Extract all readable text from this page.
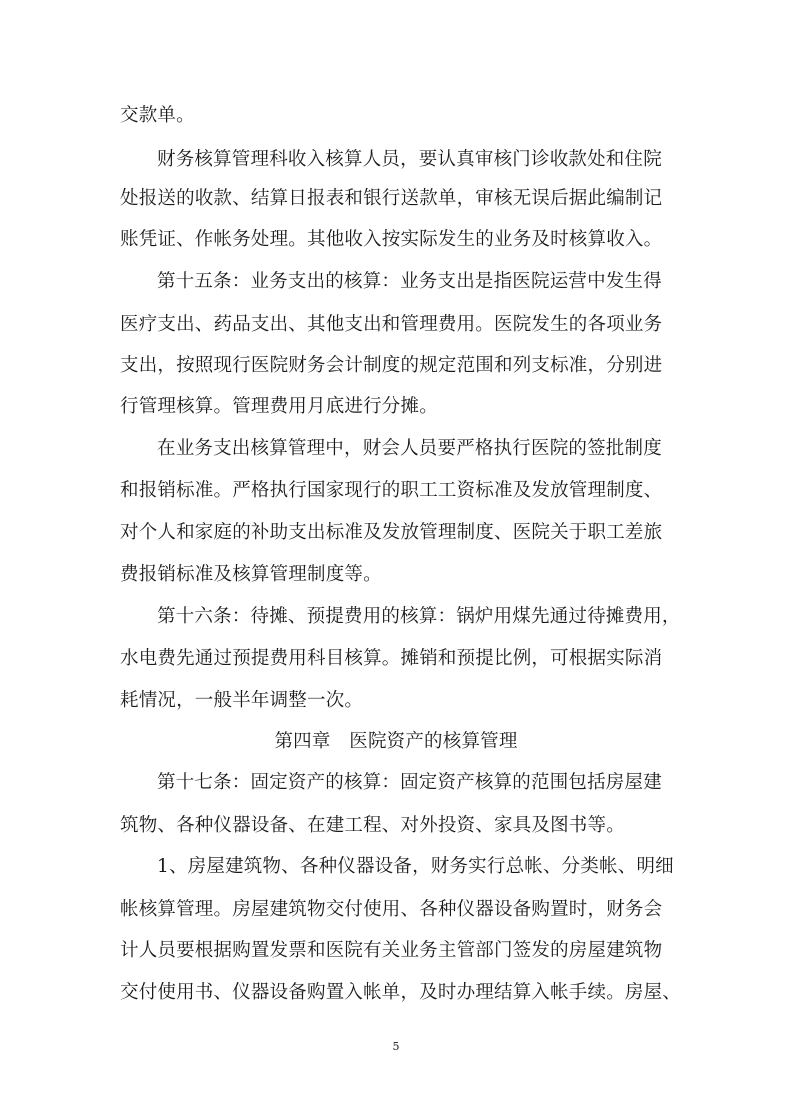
交款单。
财务核算管理科收入核算人员，要认真审核门诊收款处和住院
处报送的收款、结算日报表和银行送款单，审核无误后据此编制记
账凭证、作帐务处理。其他收入按实际发生的业务及时核算收入。
第十五条：业务支出的核算：业务支出是指医院运营中发生得
医疗支出、药品支出、其他支出和管理费用。医院发生的各项业务
支出，按照现行医院财务会计制度的规定范围和列支标准，分别进
行管理核算。管理费用月底进行分摊。
在业务支出核算管理中，财会人员要严格执行医院的签批制度
和报销标准。严格执行国家现行的职工工资标准及发放管理制度、
对个人和家庭的补助支出标准及发放管理制度、医院关于职工差旅
费报销标准及核算管理制度等。
第十六条：待摊、预提费用的核算：锅炉用煤先通过待摊费用，
水电费先通过预提费用科目核算。摊销和预提比例，可根据实际消
耗情况，一般半年调整一次。
第四章　医院资产的核算管理
第十七条：固定资产的核算：固定资产核算的范围包括房屋建
筑物、各种仪器设备、在建工程、对外投资、家具及图书等。
1、房屋建筑物、各种仪器设备，财务实行总帐、分类帐、明细
帐核算管理。房屋建筑物交付使用、各种仪器设备购置时，财务会
计人员要根据购置发票和医院有关业务主管部门签发的房屋建筑物
交付使用书、仪器设备购置入帐单，及时办理结算入帐手续。房屋、
5
